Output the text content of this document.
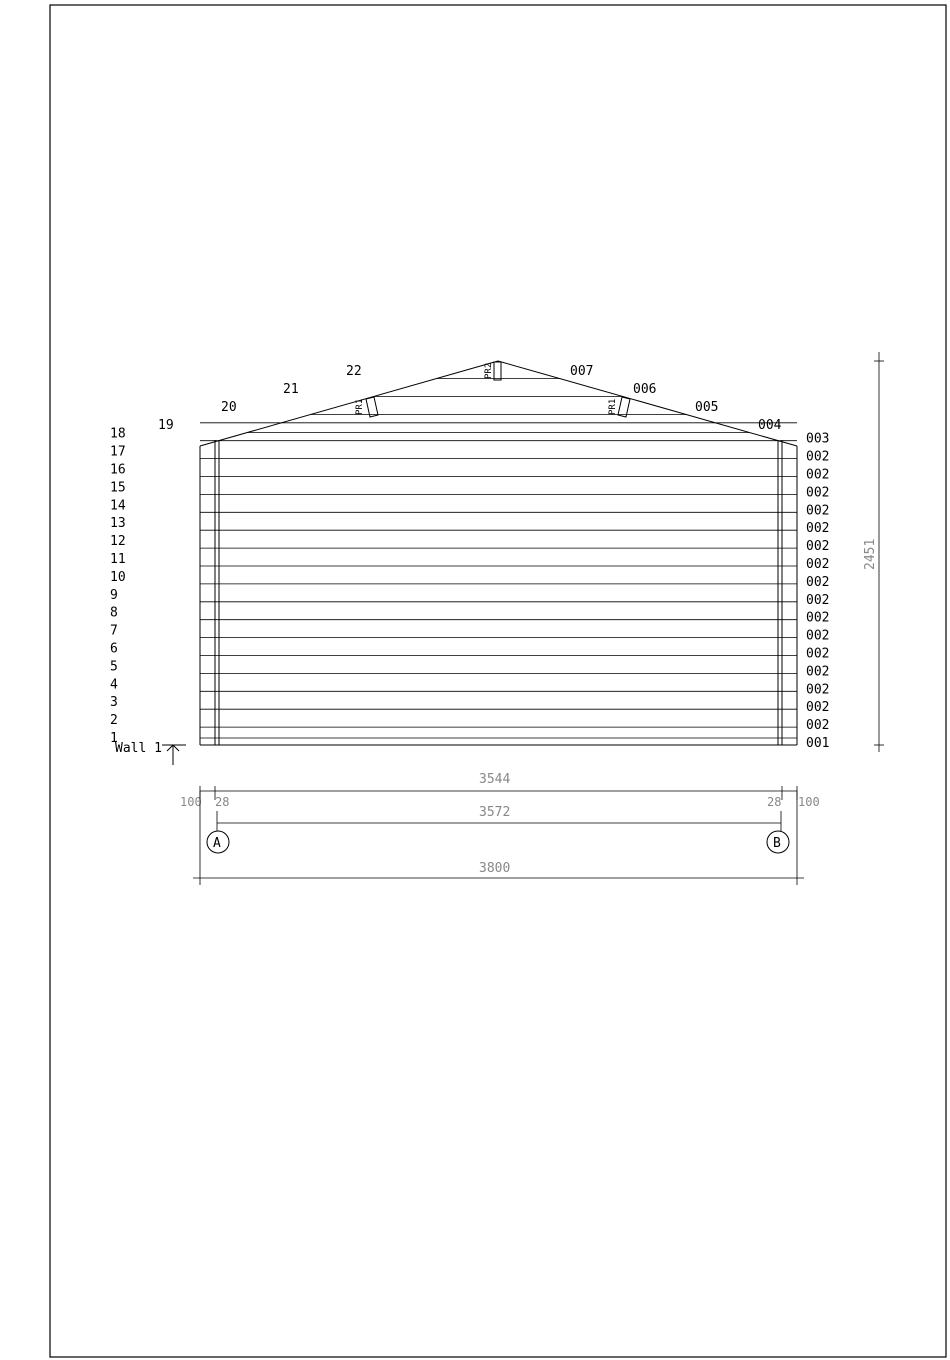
PR1
PR2
PR1
1
2
3
4
5
6
7
8
9
10
11
12
13
14
15
16
17
18
001
002
002
002
002
002
002
002
002
002
002
002
002
002
002
002
002
003
19
20
21
22
004
005
006
007
Wall 1
2451
3544
100 28	28 100
3572
A	B
3800
